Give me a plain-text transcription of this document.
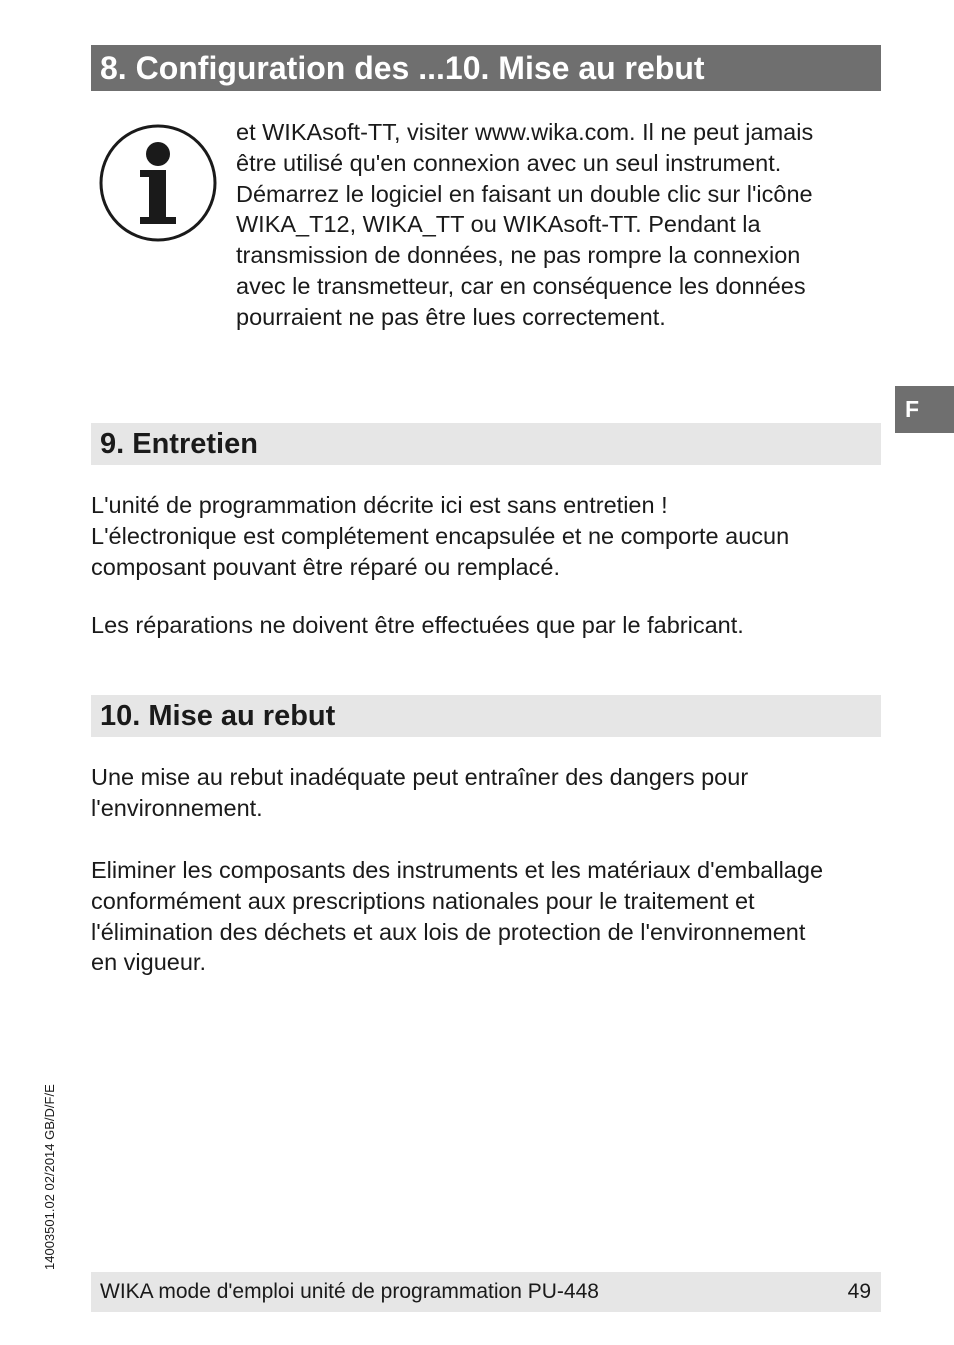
8. Configuration des ...10. Mise au rebut
et WIKAsoft-TT, visiter www.wika.com. Il ne peut jamais
être utilisé qu'en connexion avec un seul instrument.
Démarrez le logiciel en faisant un double clic sur l'icône
WIKA_T12, WIKA_TT ou WIKAsoft-TT. Pendant la
transmission de données, ne pas rompre la connexion
avec le transmetteur, car en conséquence les données
pourraient ne pas être lues correctement.
F
9. Entretien
L'unité de programmation décrite ici est sans entretien !
L'électronique est complétement encapsulée et ne comporte aucun
composant pouvant être réparé ou remplacé.
Les réparations ne doivent être effectuées que par le fabricant.
10. Mise au rebut
Une mise au rebut inadéquate peut entraîner des dangers pour
l'environnement.
Eliminer les composants des instruments et les matériaux d'emballage
conformément aux prescriptions nationales pour le traitement et
l'élimination des déchets et aux lois de protection de l'environnement
en vigueur.
14003501.02 02/2014 GB/D/F/E
WIKA mode d'emploi unité de programmation PU-448	49
